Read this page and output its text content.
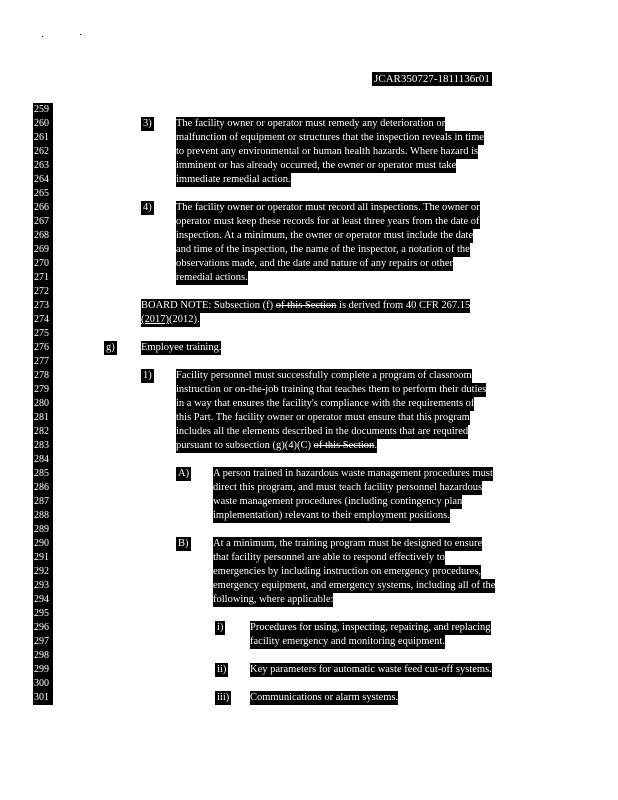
JCAR350727-1811136r01
259
260
261
262
263
264
265
266
267
268
269
270
271
272
273
274
275
276
277
278
279
280
281
282
283
284
285
286
287
288
289
290
291
292
293
294
295
296
297
298
299
300
301
3) The facility owner or operator must remedy any deterioration or
malfunction of equipment or structures that the inspection reveals in time
to prevent any environmental or human health hazards. Where hazard is
imminent or has already occurred, the owner or operator must take
immediate remedial action.
4) The facility owner or operator must record all inspections. The owner or
operator must keep these records for at least three years from the date of
inspection. At a minimum, the owner or operator must include the date
and time of the inspection, the name of the inspector, a notation of the
observations made, and the date and nature of any repairs or other
remedial actions.
BOARD NOTE: Subsection (f) of this Section is derived from 40 CFR 267.15
(2017)(2012).
g)	Employee training.
1) Facility personnel must successfully complete a program of classroom
instruction or on-the-job training that teaches them to perform their duties
in a way that ensures the facility's compliance with the requirements of
this Part. The facility owner or operator must ensure that this program
includes all the elements described in the documents that are required
pursuant to subsection (g)(4)(C) of this Section.
A) A person trained in hazardous waste management procedures must
direct this program, and must teach facility personnel hazardous
waste management procedures (including contingency plan
implementation) relevant to their employment positions.
B) At a minimum, the training program must be designed to ensure
that facility personnel are able to respond effectively to
emergencies by including instruction on emergency procedures,
emergency equipment, and emergency systems, including all of the
following, where applicable:
i)	Procedures for using, inspecting, repairing, and replacing
facility emergency and monitoring equipment.
ii) Key parameters for automatic waste feed cut-off systems.
iii) Communications or alarm systems.
